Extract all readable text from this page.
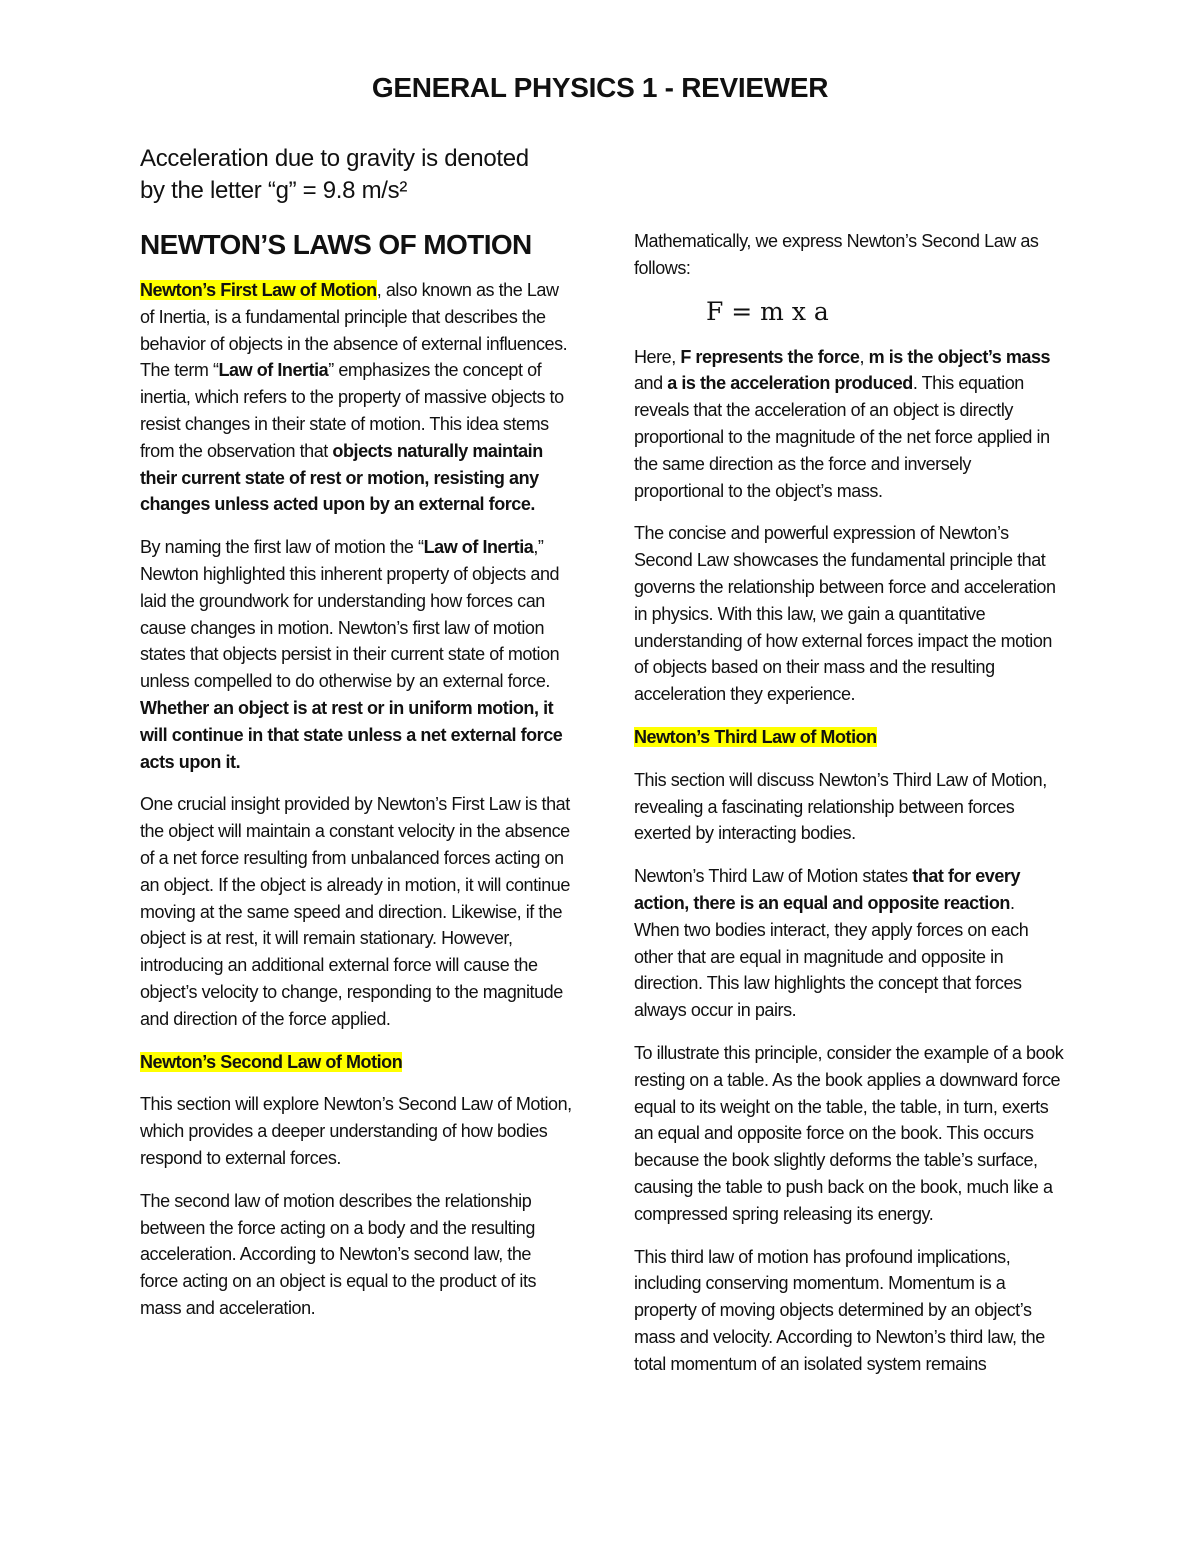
GENERAL PHYSICS 1 - REVIEWER

Acceleration due to gravity is denoted
by the letter “g” = 9.8 m/s²

NEWTON’S LAWS OF MOTION

Newton’s First Law of Motion, also known as the Law of Inertia, is a fundamental principle that describes the behavior of objects in the absence of external influences. The term “Law of Inertia” emphasizes the concept of inertia, which refers to the property of massive objects to resist changes in their state of motion. This idea stems from the observation that objects naturally maintain their current state of rest or motion, resisting any changes unless acted upon by an external force.

By naming the first law of motion the “Law of Inertia,” Newton highlighted this inherent property of objects and laid the groundwork for understanding how forces can cause changes in motion. Newton’s first law of motion states that objects persist in their current state of motion unless compelled to do otherwise by an external force. Whether an object is at rest or in uniform motion, it will continue in that state unless a net external force acts upon it.

One crucial insight provided by Newton’s First Law is that the object will maintain a constant velocity in the absence of a net force resulting from unbalanced forces acting on an object. If the object is already in motion, it will continue moving at the same speed and direction. Likewise, if the object is at rest, it will remain stationary. However, introducing an additional external force will cause the object’s velocity to change, responding to the magnitude and direction of the force applied.

Newton’s Second Law of Motion

This section will explore Newton’s Second Law of Motion, which provides a deeper understanding of how bodies respond to external forces.

The second law of motion describes the relationship between the force acting on a body and the resulting acceleration. According to Newton’s second law, the force acting on an object is equal to the product of its mass and acceleration.

Mathematically, we express Newton’s Second Law as follows:

F = m x a

Here, F represents the force, m is the object’s mass and a is the acceleration produced. This equation reveals that the acceleration of an object is directly proportional to the magnitude of the net force applied in the same direction as the force and inversely proportional to the object’s mass.

The concise and powerful expression of Newton’s Second Law showcases the fundamental principle that governs the relationship between force and acceleration in physics. With this law, we gain a quantitative understanding of how external forces impact the motion of objects based on their mass and the resulting acceleration they experience.

Newton’s Third Law of Motion

This section will discuss Newton’s Third Law of Motion, revealing a fascinating relationship between forces exerted by interacting bodies.

Newton’s Third Law of Motion states that for every action, there is an equal and opposite reaction. When two bodies interact, they apply forces on each other that are equal in magnitude and opposite in direction. This law highlights the concept that forces always occur in pairs.

To illustrate this principle, consider the example of a book resting on a table. As the book applies a downward force equal to its weight on the table, the table, in turn, exerts an equal and opposite force on the book. This occurs because the book slightly deforms the table’s surface, causing the table to push back on the book, much like a compressed spring releasing its energy.

This third law of motion has profound implications, including conserving momentum. Momentum is a property of moving objects determined by an object’s mass and velocity. According to Newton’s third law, the total momentum of an isolated system remains
